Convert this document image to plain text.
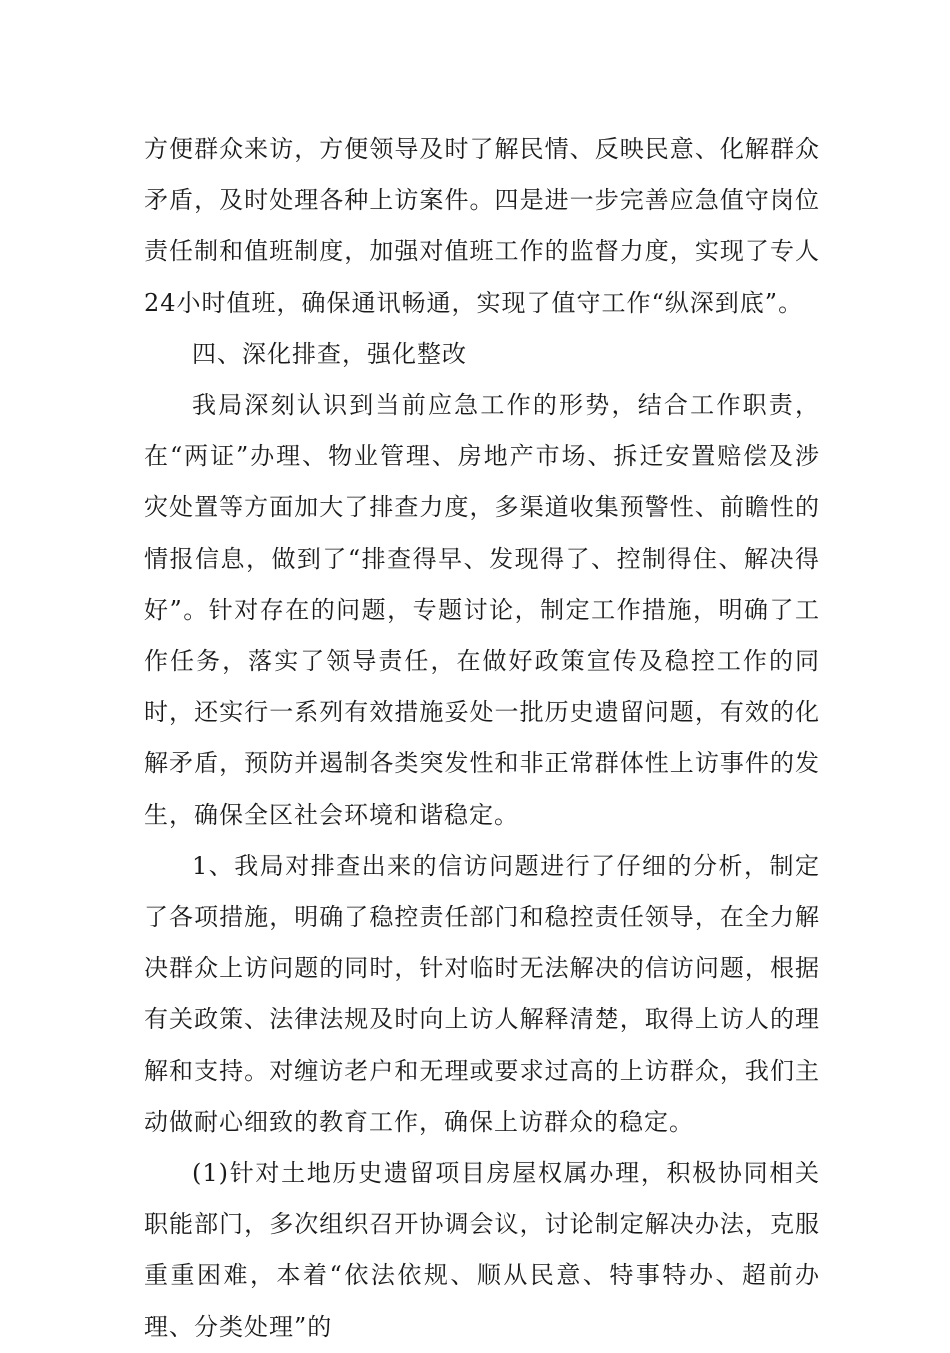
方便群众来访，方便领导及时了解民情、反映民意、化解群众矛盾，及时处理各种上访案件。四是进一步完善应急值守岗位责任制和值班制度，加强对值班工作的监督力度，实现了专人24小时值班，确保通讯畅通，实现了值守工作“纵深到底”。

四、深化排查，强化整改

我局深刻认识到当前应急工作的形势，结合工作职责，在“两证”办理、物业管理、房地产市场、拆迁安置赔偿及涉灾处置等方面加大了排查力度，多渠道收集预警性、前瞻性的情报信息，做到了“排查得早、发现得了、控制得住、解决得好”。针对存在的问题，专题讨论，制定工作措施，明确了工作任务，落实了领导责任，在做好政策宣传及稳控工作的同时，还实行一系列有效措施妥处一批历史遗留问题，有效的化解矛盾，预防并遏制各类突发性和非正常群体性上访事件的发生，确保全区社会环境和谐稳定。

1、我局对排查出来的信访问题进行了仔细的分析，制定了各项措施，明确了稳控责任部门和稳控责任领导，在全力解决群众上访问题的同时，针对临时无法解决的信访问题，根据有关政策、法律法规及时向上访人解释清楚，取得上访人的理解和支持。对缠访老户和无理或要求过高的上访群众，我们主动做耐心细致的教育工作，确保上访群众的稳定。

(1)针对土地历史遗留项目房屋权属办理，积极协同相关职能部门，多次组织召开协调会议，讨论制定解决办法，克服重重困难，本着“依法依规、顺从民意、特事特办、超前办理、分类处理”的
